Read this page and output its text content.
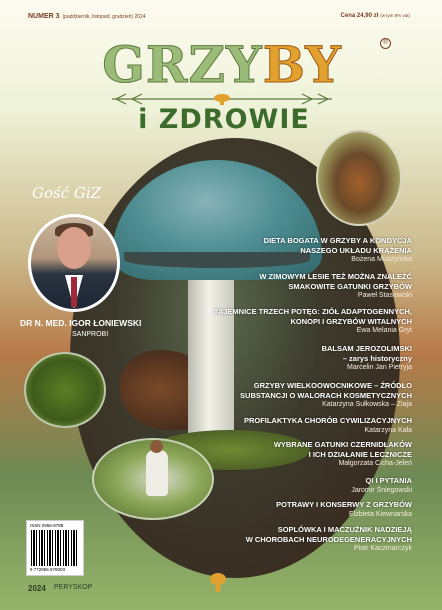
NUMER 3 (październik, listopad, grudzień) 2024	Cena 24,90 zł (w tym 8% vat)
GRZYBY	®
i ZDROWIE
Gość GiZ
DR N. MED. IGOR ŁONIEWSKI
SANPROBI
DIETA BOGATA W GRZYBY A KONDYCJA
NASZEGO UKŁADU KRĄŻENIA
Bożena Muszyńska
W ZIMOWYM LESIE TEŻ MOŻNA ZNALEŹĆ
SMAKOWITE GATUNKI GRZYBÓW
Paweł Stasiowski
TAJEMNICE TRZECH POTĘG: ZIÓŁ ADAPTOGENNYCH,
KONOPI I GRZYBÓW WITALNYCH
Ewa Melania Gryt
BALSAM JEROZOLIMSKI
– zarys historyczny
Marcelin Jan Pietryja
GRZYBY WIELKOOWOCNIKOWE – ŹRÓDŁO
SUBSTANCJI O WALORACH KOSMETYCZNYCH
Katarzyna Sułkowska – Ziaja
PROFILAKTYKA CHORÓB CYWILIZACYJNYCH
Katarzyna Kała
WYBRANE GATUNKI CZERNIDŁAKÓW
I ICH DZIAŁANIE LECZNICZE
Małgorzata Cicha-Jeleń
QI I PYTANIA
Jaromir Śniegowski
POTRAWY I KONSERWY Z GRZYBÓW
Elżbieta Kiewnarska
SOPLÓWKA I MACZUŻNIK NADZIEJĄ
W CHOROBACH NEURODEGENERACYJNYCH
Piotr Kaczmarczyk
ISSN 2956-9788
9 772956 978003
2024 PERYSKOP
